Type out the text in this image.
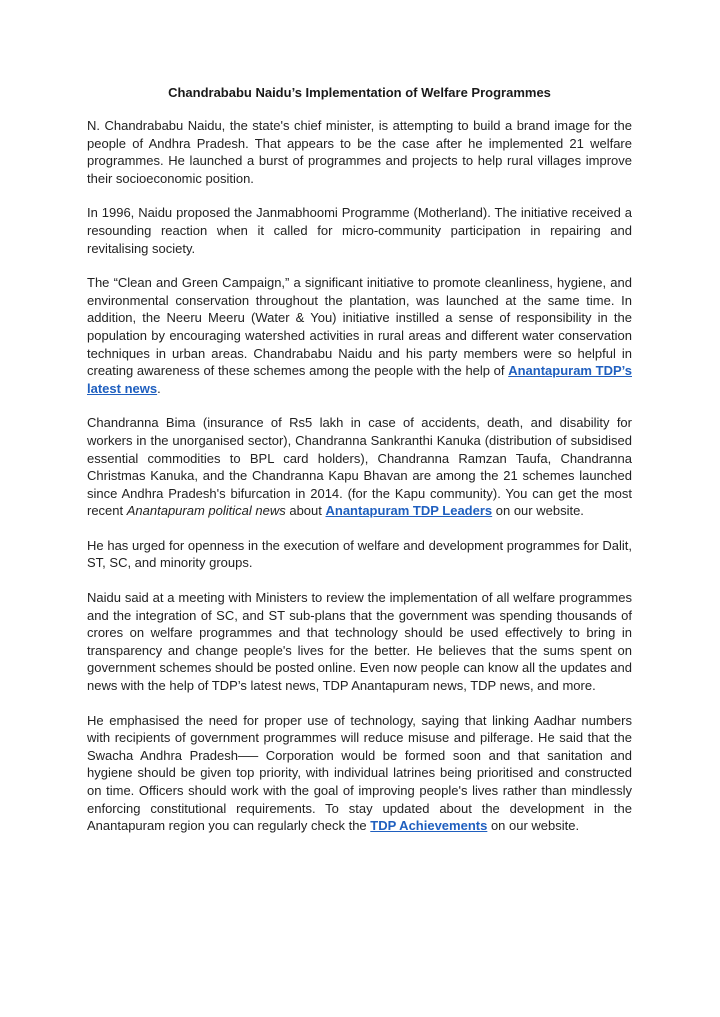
Chandrababu Naidu’s Implementation of Welfare Programmes

N. Chandrababu Naidu, the state's chief minister, is attempting to build a brand image for the people of Andhra Pradesh. That appears to be the case after he implemented 21 welfare programmes. He launched a burst of programmes and projects to help rural villages improve their socioeconomic position.

In 1996, Naidu proposed the Janmabhoomi Programme (Motherland). The initiative received a resounding reaction when it called for micro-community participation in repairing and revitalising society.

The “Clean and Green Campaign,” a significant initiative to promote cleanliness, hygiene, and environmental conservation throughout the plantation, was launched at the same time. In addition, the Neeru Meeru (Water & You) initiative instilled a sense of responsibility in the population by encouraging watershed activities in rural areas and different water conservation techniques in urban areas. Chandrababu Naidu and his party members were so helpful in creating awareness of these schemes among the people with the help of Anantapuram TDP’s latest news.

Chandranna Bima (insurance of Rs5 lakh in case of accidents, death, and disability for workers in the unorganised sector), Chandranna Sankranthi Kanuka (distribution of subsidised essential commodities to BPL card holders), Chandranna Ramzan Taufa, Chandranna Christmas Kanuka, and the Chandranna Kapu Bhavan are among the 21 schemes launched since Andhra Pradesh's bifurcation in 2014. (for the Kapu community). You can get the most recent Anantapuram political news about Anantapuram TDP Leaders on our website.

He has urged for openness in the execution of welfare and development programmes for Dalit, ST, SC, and minority groups.

Naidu said at a meeting with Ministers to review the implementation of all welfare programmes and the integration of SC, and ST sub-plans that the government was spending thousands of crores on welfare programmes and that technology should be used effectively to bring in transparency and change people's lives for the better. He believes that the sums spent on government schemes should be posted online. Even now people can know all the updates and news with the help of TDP’s latest news, TDP Anantapuram news, TDP news, and more.

He emphasised the need for proper use of technology, saying that linking Aadhar numbers with recipients of government programmes will reduce misuse and pilferage. He said that the Swacha Andhra Pradesh—– Corporation would be formed soon and that sanitation and hygiene should be given top priority, with individual latrines being prioritised and constructed on time. Officers should work with the goal of improving people's lives rather than mindlessly enforcing constitutional requirements. To stay updated about the development in the Anantapuram region you can regularly check the TDP Achievements on our website.
